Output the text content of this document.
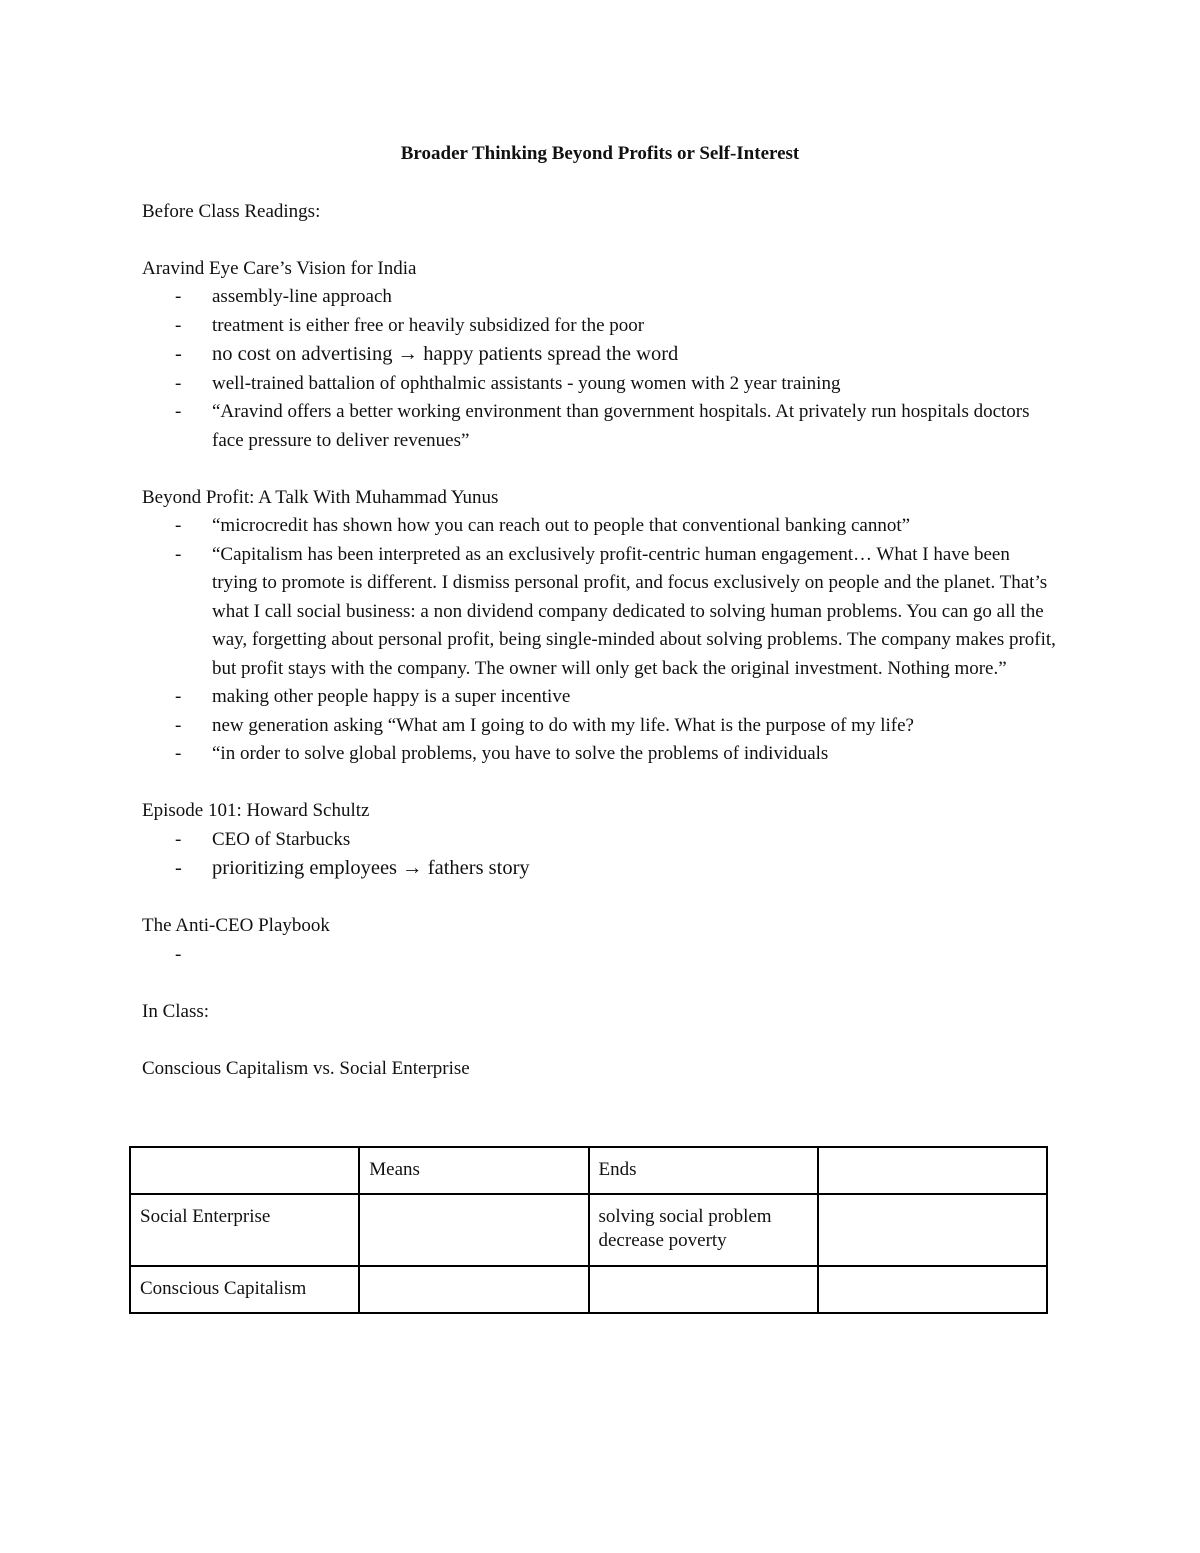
Broader Thinking Beyond Profits or Self-Interest

Before Class Readings:

Aravind Eye Care’s Vision for India

- assembly-line approach
- treatment is either free or heavily subsidized for the poor
- no cost on advertising → happy patients spread the word
- well-trained battalion of ophthalmic assistants - young women with 2 year training
- “Aravind offers a better working environment than government hospitals. At privately run hospitals doctors face pressure to deliver revenues”

Beyond Profit: A Talk With Muhammad Yunus

- “microcredit has shown how you can reach out to people that conventional banking cannot”
- “Capitalism has been interpreted as an exclusively profit-centric human engagement… What I have been trying to promote is different. I dismiss personal profit, and focus exclusively on people and the planet. That’s what I call social business: a non dividend company dedicated to solving human problems. You can go all the way, forgetting about personal profit, being single-minded about solving problems. The company makes profit, but profit stays with the company. The owner will only get back the original investment. Nothing more.”
- making other people happy is a super incentive
- new generation asking “What am I going to do with my life. What is the purpose of my life?
- “in order to solve global problems, you have to solve the problems of individuals

Episode 101: Howard Schultz

- CEO of Starbucks
- prioritizing employees → fathers story

The Anti-CEO Playbook

-

In Class:

Conscious Capitalism vs. Social Enterprise

	Means	Ends	
Social Enterprise		solving social problem
decrease poverty	

Conscious Capitalism			
